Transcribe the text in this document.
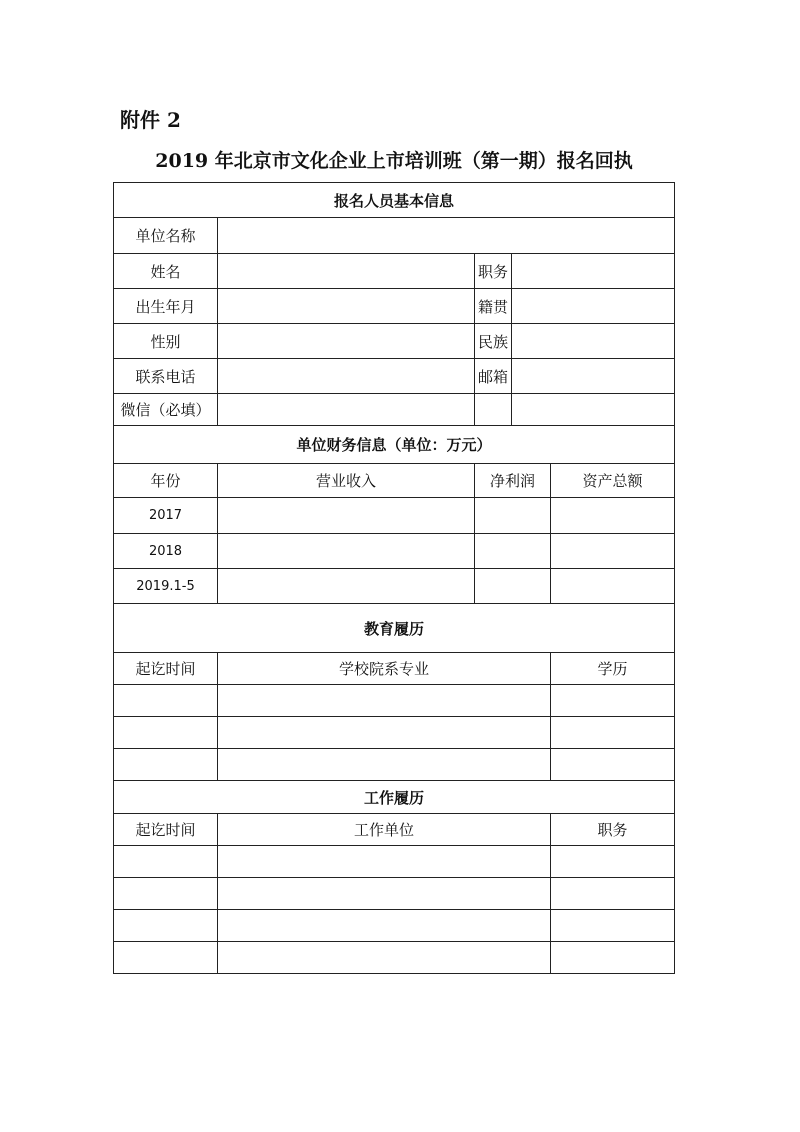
附件 2
2019 年北京市文化企业上市培训班（第一期）报名回执
报名人员基本信息				
单位名称				
姓名		职务		
出生年月		籍贯		
性别		民族		
联系电话		邮箱		
微信（必填）				
单位财务信息（单位：万元）				
年份	营业收入	净利润		资产总额
2017				
2018				
2019.1-5				
教育履历				
起讫时间	学校院系专业			学历

工作履历				
起讫时间	工作单位			职务
